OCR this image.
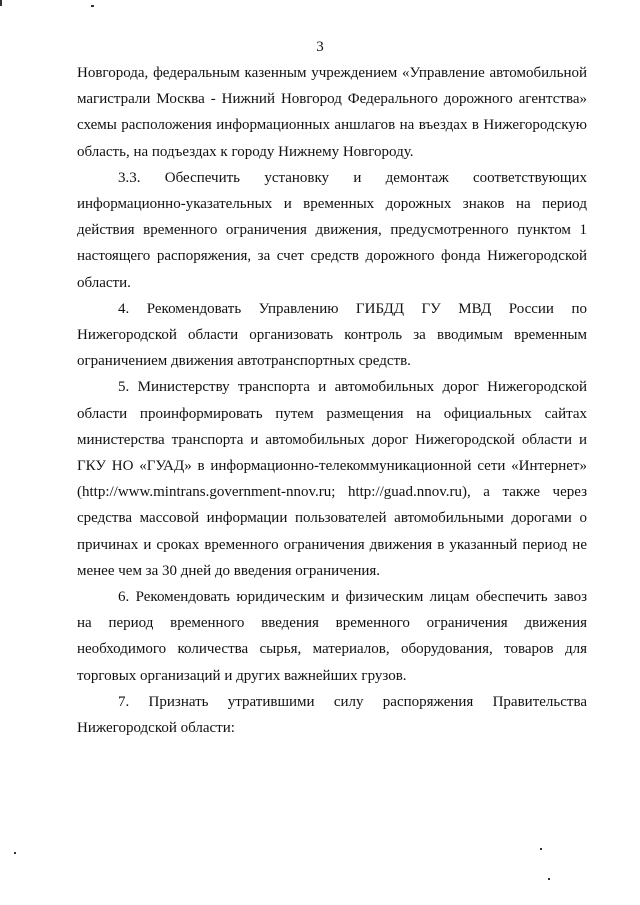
3

Новгорода, федеральным казенным учреждением «Управление автомобильной магистрали Москва - Нижний Новгород Федерального дорожного агентства» схемы расположения информационных аншлагов на въездах в Нижегородскую область, на подъездах к городу Нижнему Новгороду.

3.3. Обеспечить установку и демонтаж соответствующих информационно-указательных и временных дорожных знаков на период действия временного ограничения движения, предусмотренного пунктом 1 настоящего распоряжения, за счет средств дорожного фонда Нижегородской области.

4. Рекомендовать Управлению ГИБДД ГУ МВД России по Нижегородской области организовать контроль за вводимым временным ограничением движения автотранспортных средств.

5. Министерству транспорта и автомобильных дорог Нижегородской области проинформировать путем размещения на официальных сайтах министерства транспорта и автомобильных дорог Нижегородской области и ГКУ НО «ГУАД» в информационно-телекоммуникационной сети «Интернет» (http://www.mintrans.government-nnov.ru; http://guad.nnov.ru), а также через средства массовой информации пользователей автомобильными дорогами о причинах и сроках временного ограничения движения в указанный период не менее чем за 30 дней до введения ограничения.

6. Рекомендовать юридическим и физическим лицам обеспечить завоз на период временного введения временного ограничения движения необходимого количества сырья, материалов, оборудования, товаров для торговых организаций и других важнейших грузов.

7. Признать утратившими силу распоряжения Правительства Нижегородской области:
